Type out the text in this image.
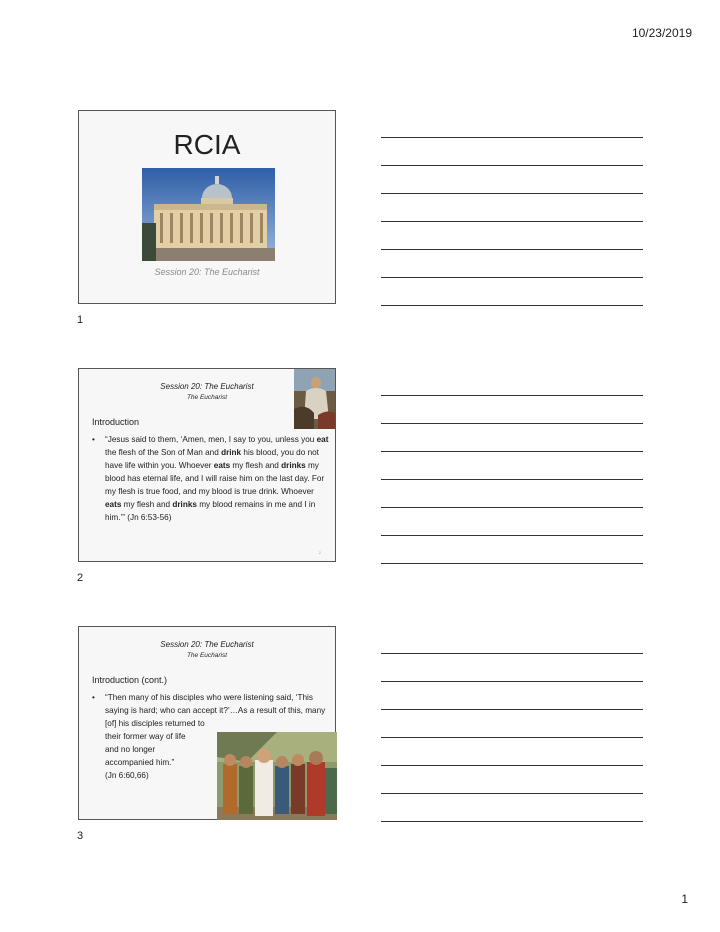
10/23/2019
RCIA
Session 20: The Eucharist
1
Session 20: The Eucharist
The Eucharist
Introduction
•	“Jesus said to them, ‘Amen, men, I say to you, unless you eat the flesh of the Son of Man and drink his blood, you do not have life within you. Whoever eats my flesh and drinks my blood has eternal life, and I will raise him on the last day. For my flesh is true food, and my blood is true drink. Whoever eats my flesh and drinks my blood remains in me and I in him.’” (Jn 6:53-56)
2
2
Session 20: The Eucharist
The Eucharist
Introduction (cont.)
•	“Then many of his disciples who were listening said, ‘This saying is hard; who can accept it?’…As a result of this, many [of] his disciples returned to
their former way of life
and no longer
accompanied him.”
(Jn 6:60,66)
3
1
